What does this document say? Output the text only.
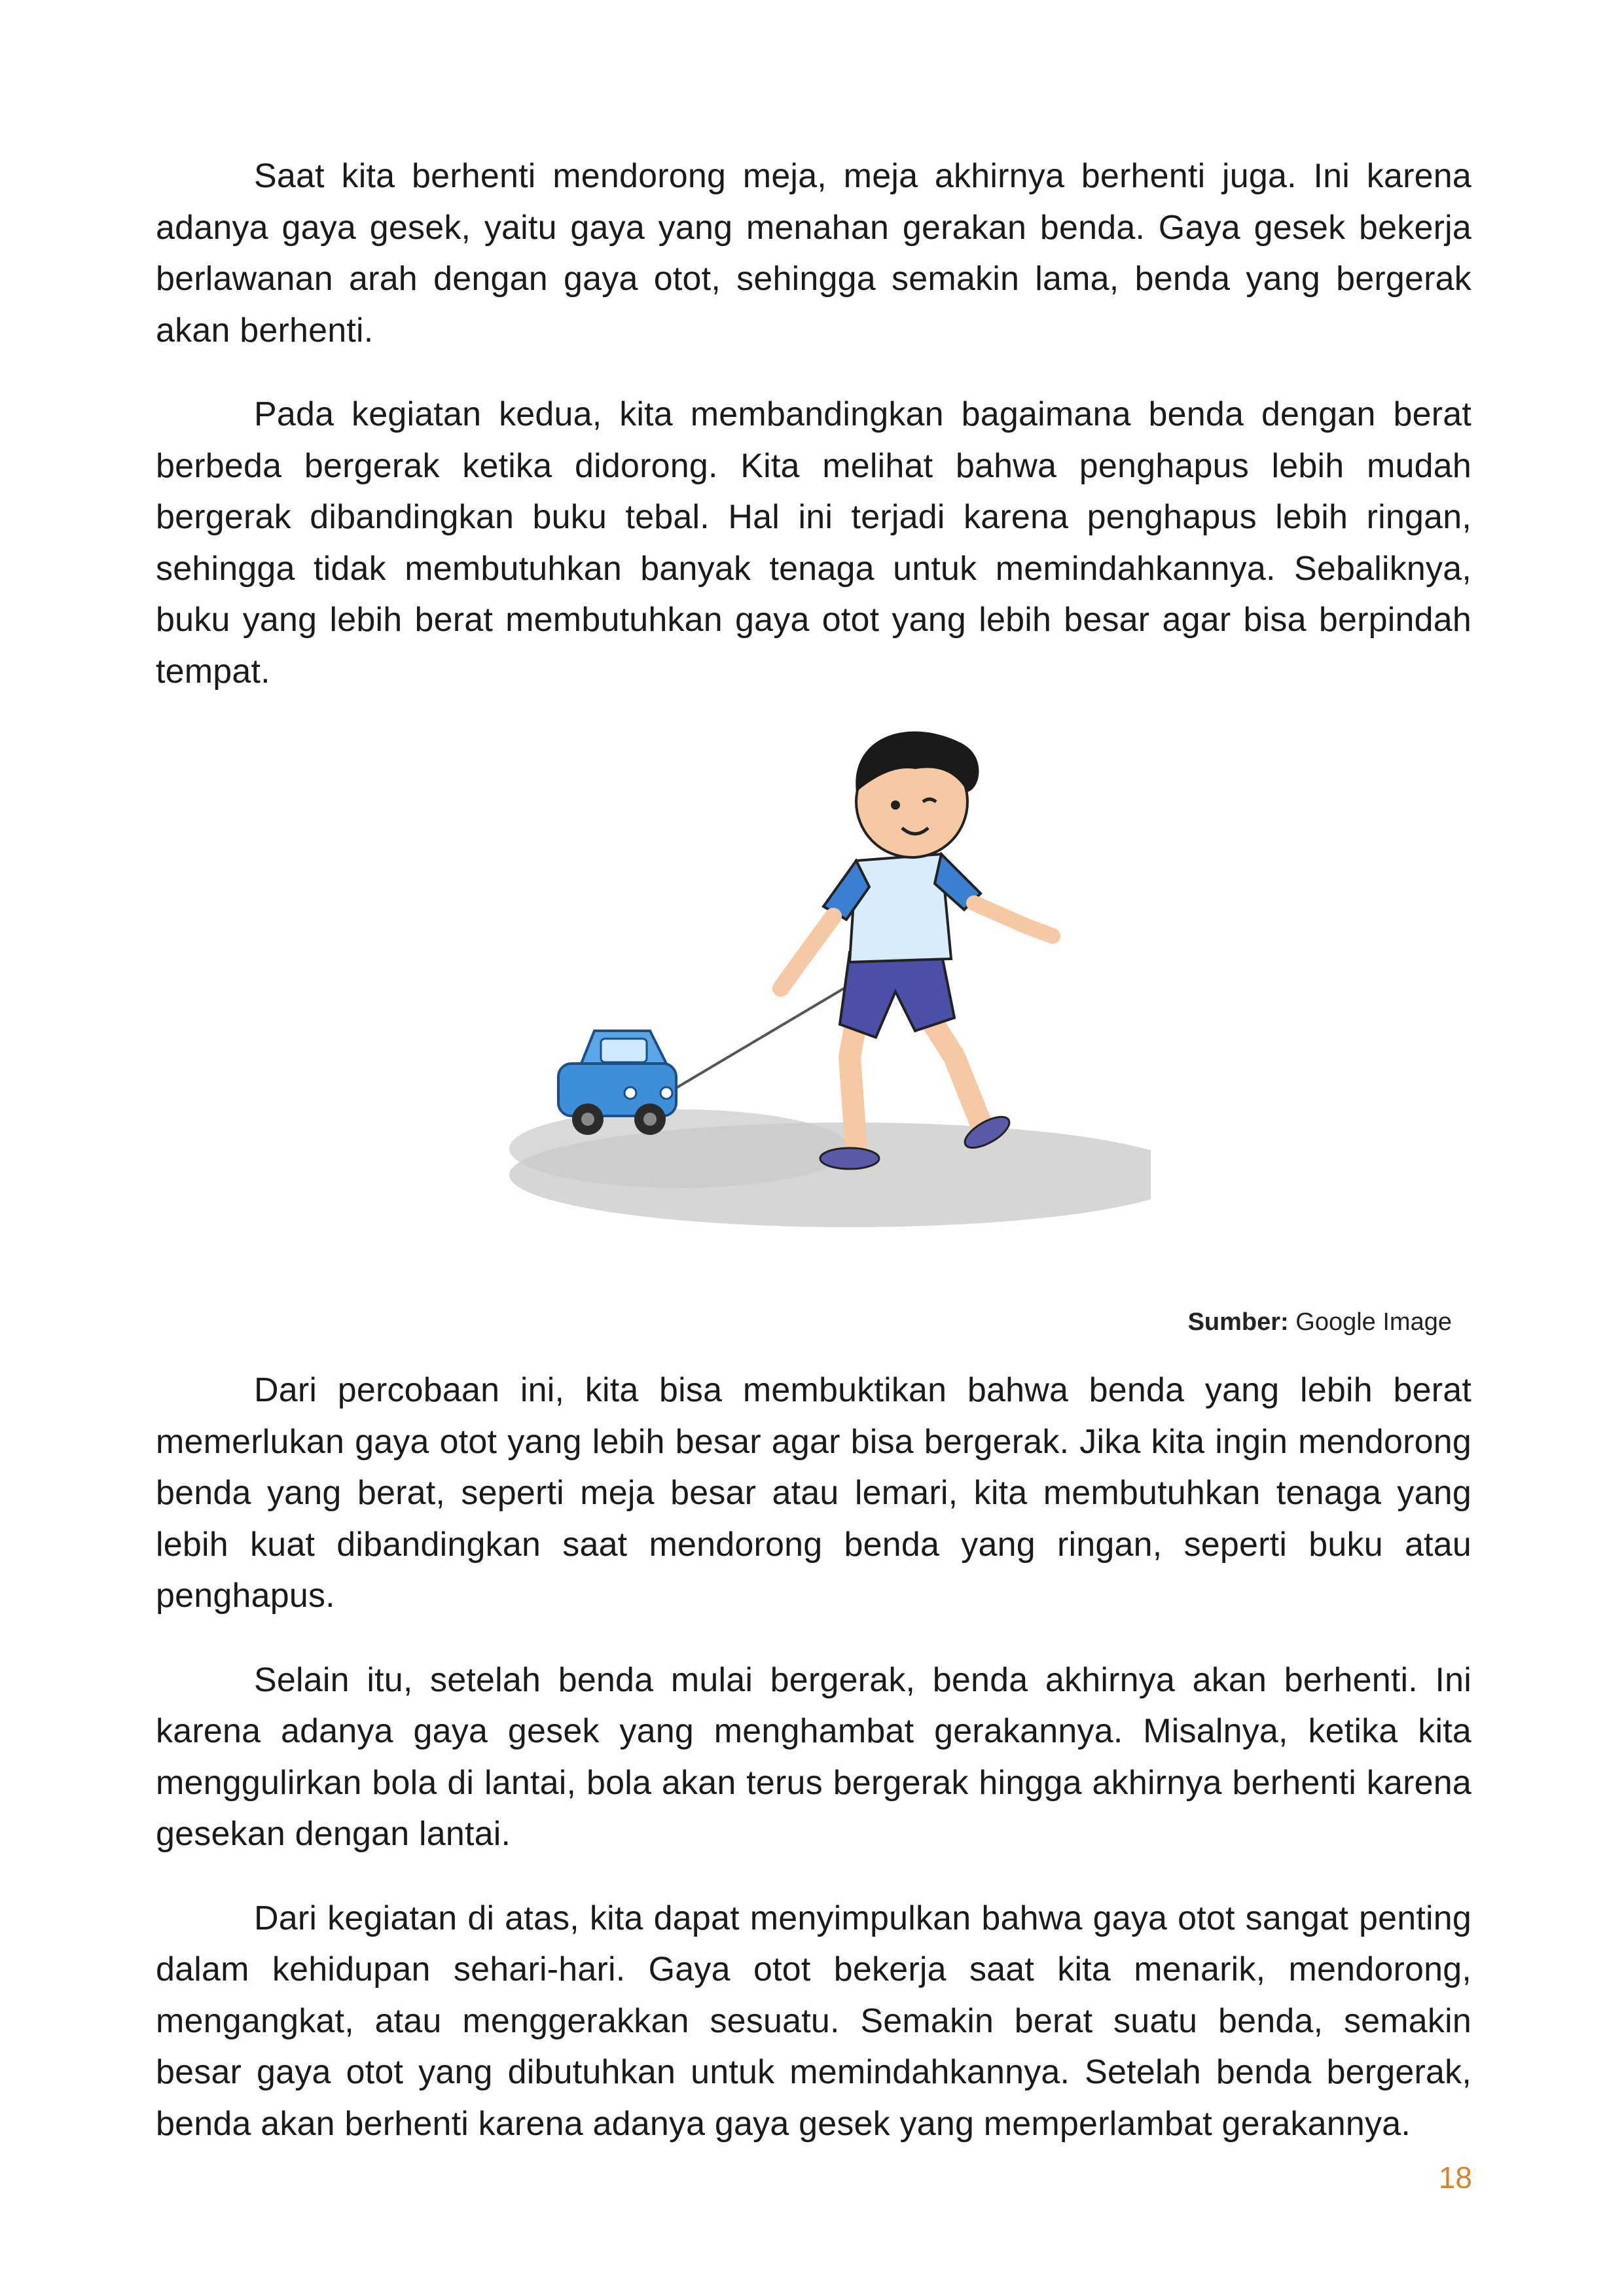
Saat kita berhenti mendorong meja, meja akhirnya berhenti juga. Ini karena adanya gaya gesek, yaitu gaya yang menahan gerakan benda. Gaya gesek bekerja berlawanan arah dengan gaya otot, sehingga semakin lama, benda yang bergerak akan berhenti.

Pada kegiatan kedua, kita membandingkan bagaimana benda dengan berat berbeda bergerak ketika didorong. Kita melihat bahwa penghapus lebih mudah bergerak dibandingkan buku tebal. Hal ini terjadi karena penghapus lebih ringan, sehingga tidak membutuhkan banyak tenaga untuk memindahkannya. Sebaliknya, buku yang lebih berat membutuhkan gaya otot yang lebih besar agar bisa berpindah tempat.

Sumber: Google Image

Dari percobaan ini, kita bisa membuktikan bahwa benda yang lebih berat memerlukan gaya otot yang lebih besar agar bisa bergerak. Jika kita ingin mendorong benda yang berat, seperti meja besar atau lemari, kita membutuhkan tenaga yang lebih kuat dibandingkan saat mendorong benda yang ringan, seperti buku atau penghapus.

Selain itu, setelah benda mulai bergerak, benda akhirnya akan berhenti. Ini karena adanya gaya gesek yang menghambat gerakannya. Misalnya, ketika kita menggulirkan bola di lantai, bola akan terus bergerak hingga akhirnya berhenti karena gesekan dengan lantai.

Dari kegiatan di atas, kita dapat menyimpulkan bahwa gaya otot sangat penting dalam kehidupan sehari-hari. Gaya otot bekerja saat kita menarik, mendorong, mengangkat, atau menggerakkan sesuatu. Semakin berat suatu benda, semakin besar gaya otot yang dibutuhkan untuk memindahkannya. Setelah benda bergerak, benda akan berhenti karena adanya gaya gesek yang memperlambat gerakannya.

18
